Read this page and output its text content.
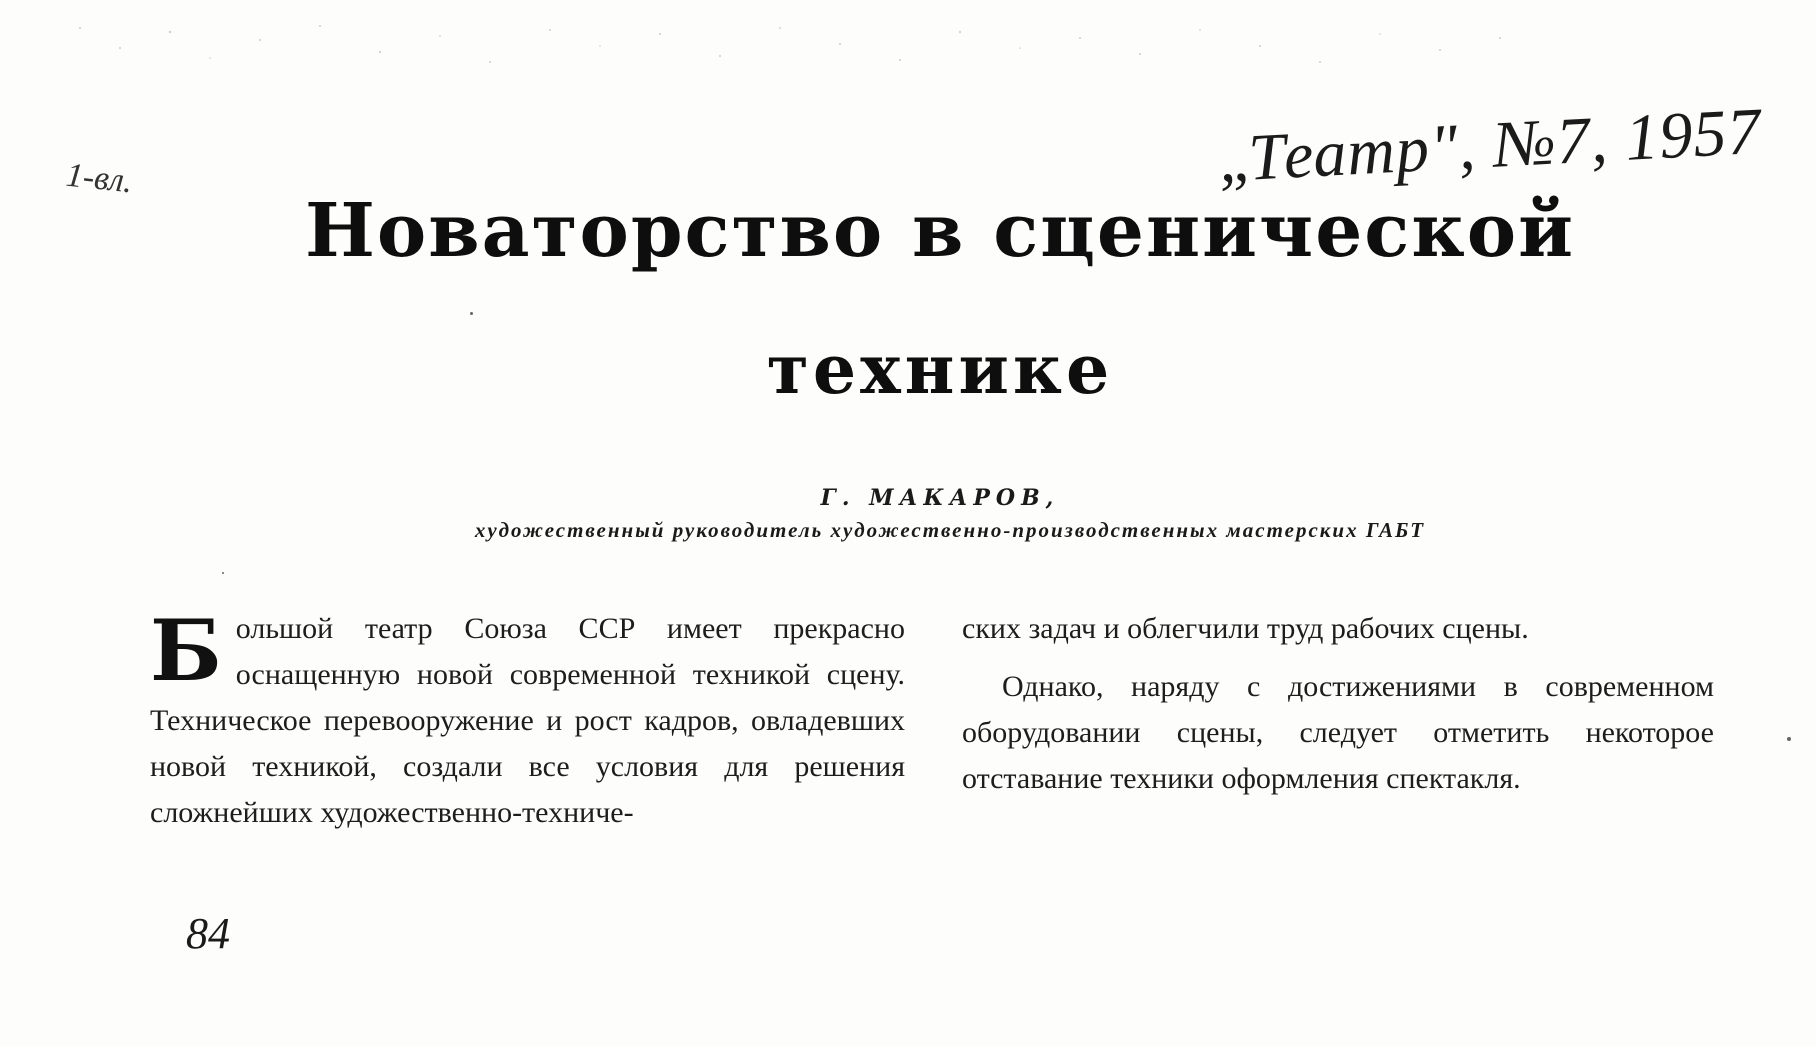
„Театр", №7, 1957
1-вл.
Новаторство в сценической
технике
Г. МАКАРОВ,
художественный руководитель художественно-производственных мастерских ГАБТ

Большой театр Союза ССР имеет прекрасно оснащенную новой современной техникой сцену. Техническое перевооружение и рост кадров, овладевших новой техникой, создали все условия для решения сложнейших художественно-техниче-

ских задач и облегчили труд рабочих сцены.

Однако, наряду с достижениями в современном оборудовании сцены, следует отметить некоторое отставание техники оформления спектакля.

84
